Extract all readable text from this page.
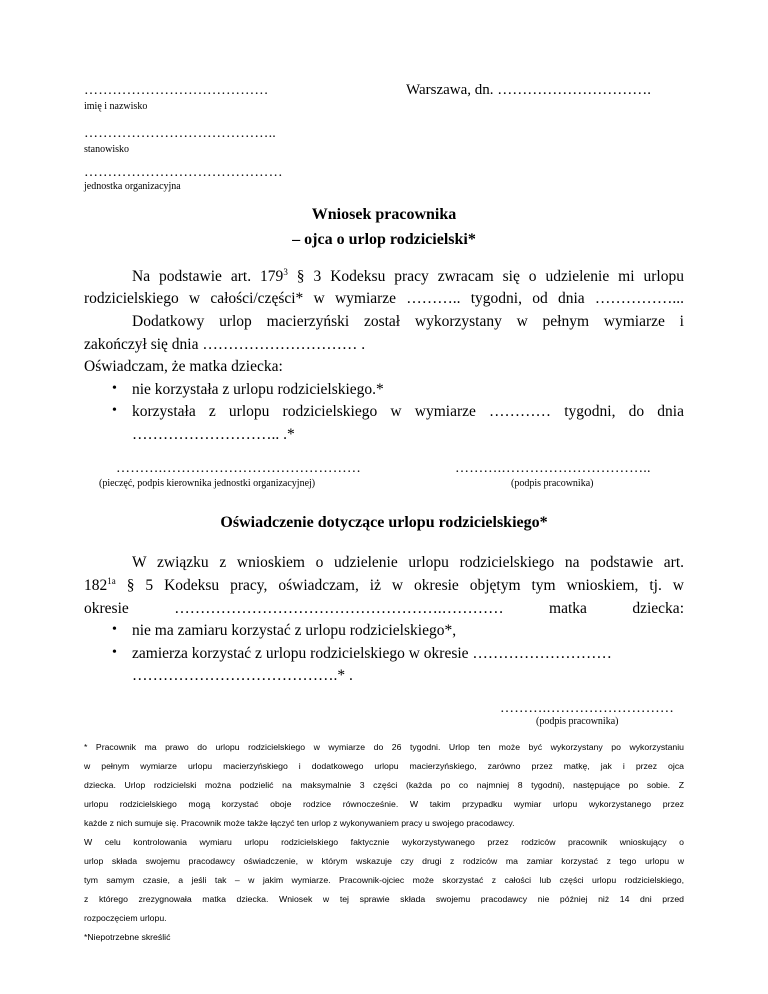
…………………………………
imię i nazwisko
Warszawa, dn. ………………………….
…………………………………..
stanowisko
……………………………………
jednostka organizacyjna
Wniosek pracownika
– ojca o urlop rodzicielski*
Na podstawie art. $179^3$ § 3 Kodeksu pracy zwracam się o udzielenie mi urlopu
rodzicielskiego w całości/części* w wymiarze ……….. tygodni, od dnia ……………...
Dodatkowy urlop macierzyński został wykorzystany w pełnym wymiarze i
zakończył się dnia ………………………… .
Oświadczam, że matka dziecka:
• nie korzystała z urlopu rodzicielskiego.*
• korzystała z urlopu rodzicielskiego w wymiarze ………… tygodni, do dnia
……………………….. .*
……….……………………………………
(pieczęć, podpis kierownika jednostki organizacyjnej)
……….…………………………..
(podpis pracownika)
Oświadczenie dotyczące urlopu rodzicielskiego*
W związku z wnioskiem o udzielenie urlopu rodzicielskiego na podstawie art.
$182^{1a}$ § 5 Kodeksu pracy, oświadczam, iż w okresie objętym tym wnioskiem, tj. w
okresie …………………………………………….………… matka dziecka:
• nie ma zamiaru korzystać z urlopu rodzicielskiego*,
• zamierza korzystać z urlopu rodzicielskiego w okresie ………………………
………………………………….* .
……….………………………
(podpis pracownika)

* Pracownik ma prawo do urlopu rodzicielskiego w wymiarze do 26 tygodni. Urlop ten może być wykorzystany po wykorzystaniu

w pełnym wymiarze urlopu macierzyńskiego i dodatkowego urlopu macierzyńskiego, zarówno przez matkę, jak i przez ojca

dziecka. Urlop rodzicielski można podzielić na maksymalnie 3 części (każda po co najmniej 8 tygodni), następujące po sobie. Z

urlopu rodzicielskiego mogą korzystać oboje rodzice równocześnie. W takim przypadku wymiar urlopu wykorzystanego przez

każde z nich sumuje się. Pracownik może także łączyć ten urlop z wykonywaniem pracy u swojego pracodawcy.

W celu kontrolowania wymiaru urlopu rodzicielskiego faktycznie wykorzystywanego przez rodziców pracownik wnioskujący o

urlop składa swojemu pracodawcy oświadczenie, w którym wskazuje czy drugi z rodziców ma zamiar korzystać z tego urlopu w

tym samym czasie, a jeśli tak – w jakim wymiarze. Pracownik-ojciec może skorzystać z całości lub części urlopu rodzicielskiego,

z którego zrezygnowała matka dziecka. Wniosek w tej sprawie składa swojemu pracodawcy nie później niż 14 dni przed

rozpoczęciem urlopu.

*Niepotrzebne skreślić
